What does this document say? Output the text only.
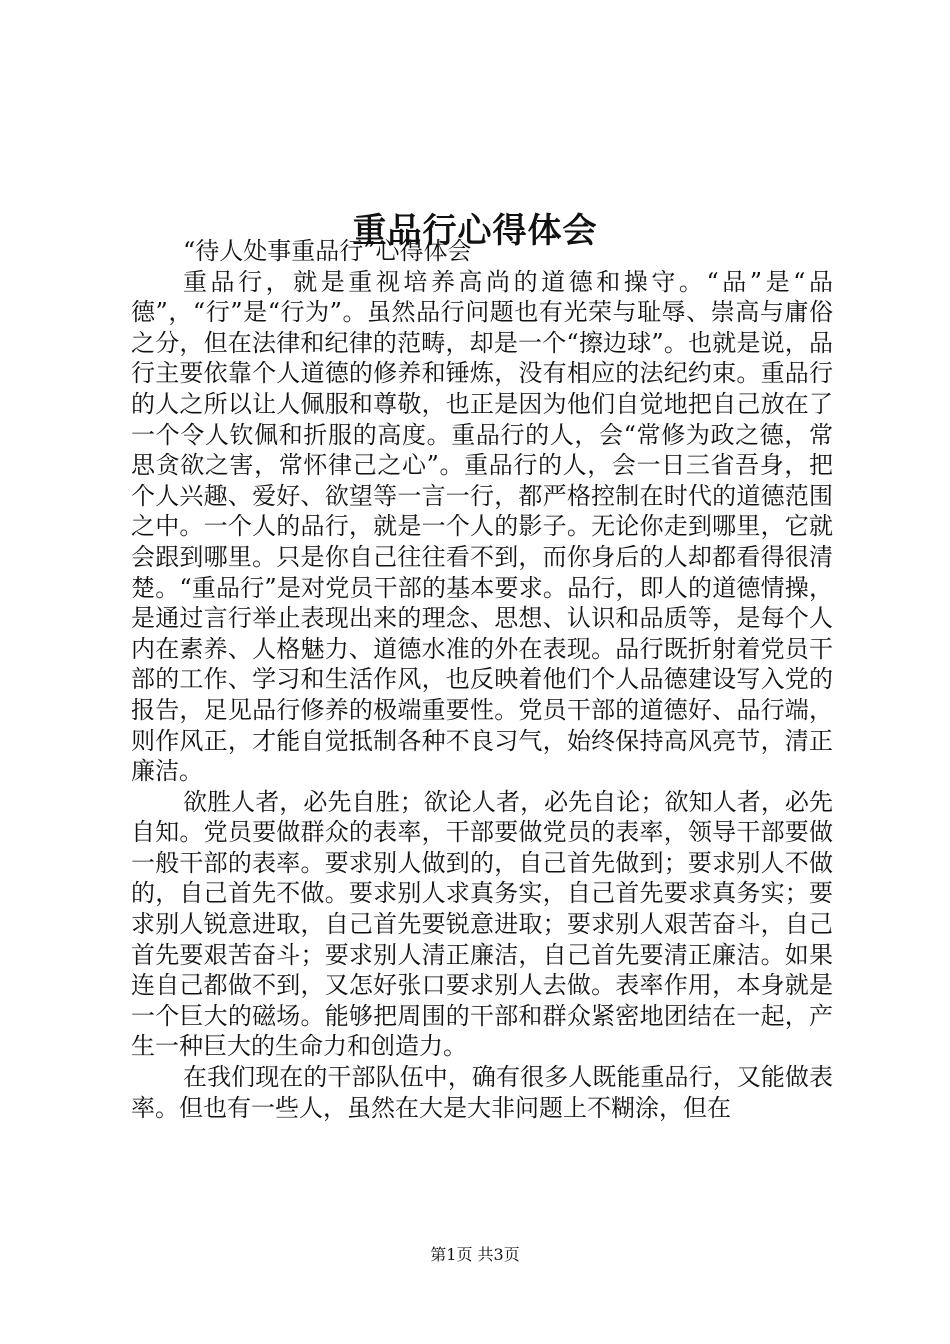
重品行心得体会

“待人处事重品行”心得体会

重品行，就是重视培养高尚的道德和操守。“品”是“品德”，“行”是“行为”。虽然品行问题也有光荣与耻辱、崇高与庸俗之分，但在法律和纪律的范畴，却是一个“擦边球”。也就是说，品行主要依靠个人道德的修养和锤炼，没有相应的法纪约束。重品行的人之所以让人佩服和尊敬，也正是因为他们自觉地把自己放在了一个令人钦佩和折服的高度。重品行的人，会“常修为政之德，常思贪欲之害，常怀律己之心”。重品行的人，会一日三省吾身，把个人兴趣、爱好、欲望等一言一行，都严格控制在时代的道德范围之中。一个人的品行，就是一个人的影子。无论你走到哪里，它就会跟到哪里。只是你自己往往看不到，而你身后的人却都看得很清楚。“重品行”是对党员干部的基本要求。品行，即人的道德情操，是通过言行举止表现出来的理念、思想、认识和品质等，是每个人内在素养、人格魅力、道德水准的外在表现。品行既折射着党员干部的工作、学习和生活作风，也反映着他们个人品德建设写入党的报告，足见品行修养的极端重要性。党员干部的道德好、品行端，则作风正，才能自觉抵制各种不良习气，始终保持高风亮节，清正廉洁。

欲胜人者，必先自胜；欲论人者，必先自论；欲知人者，必先自知。党员要做群众的表率，干部要做党员的表率，领导干部要做一般干部的表率。要求别人做到的，自己首先做到；要求别人不做的，自己首先不做。要求别人求真务实，自己首先要求真务实；要求别人锐意进取，自己首先要锐意进取；要求别人艰苦奋斗，自己首先要艰苦奋斗；要求别人清正廉洁，自己首先要清正廉洁。如果连自己都做不到，又怎好张口要求别人去做。表率作用，本身就是一个巨大的磁场。能够把周围的干部和群众紧密地团结在一起，产生一种巨大的生命力和创造力。

在我们现在的干部队伍中，确有很多人既能重品行，又能做表率。但也有一些人，虽然在大是大非问题上不糊涂，但在

第1页 共3页
